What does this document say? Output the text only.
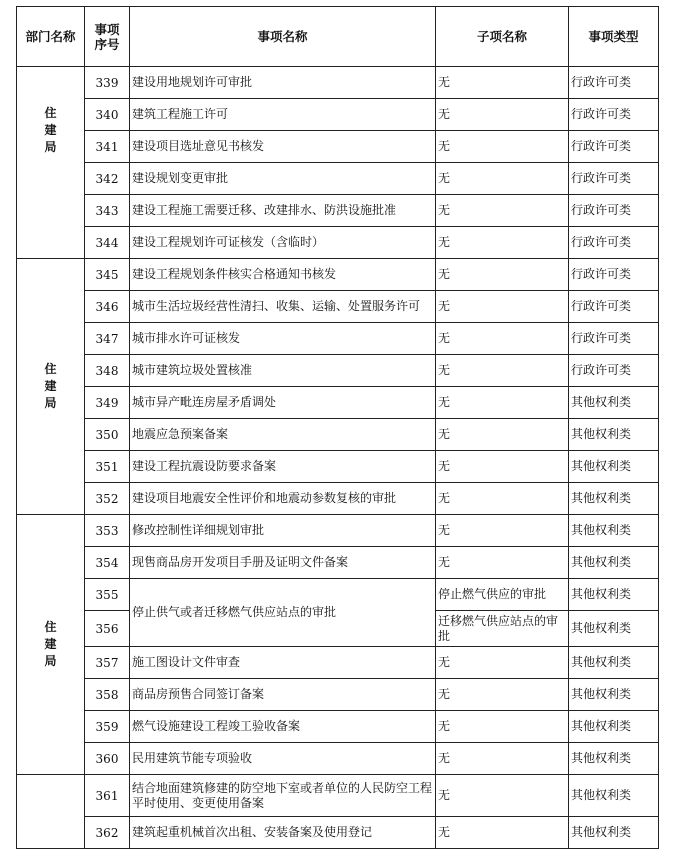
部门名称	事项
序号	事项名称	子项名称	事项类型

住
建
局	339	建设用地规划许可审批	无	行政许可类
	340	建筑工程施工许可	无	行政许可类
	341	建设项目选址意见书核发	无	行政许可类
	342	建设规划变更审批	无	行政许可类
	343	建设工程施工需要迁移、改建排水、防洪设施批准	无	行政许可类
	344	建设工程规划许可证核发（含临时）	无	行政许可类

住
建
局	345	建设工程规划条件核实合格通知书核发	无	行政许可类
	346	城市生活垃圾经营性清扫、收集、运输、处置服务许可	无	行政许可类
	347	城市排水许可证核发	无	行政许可类
	348	城市建筑垃圾处置核准	无	行政许可类
	349	城市异产毗连房屋矛盾调处	无	其他权利类
	350	地震应急预案备案	无	其他权利类
	351	建设工程抗震设防要求备案	无	其他权利类
	352	建设项目地震安全性评价和地震动参数复核的审批	无	其他权利类

住
建
局	353	修改控制性详细规划审批	无	其他权利类
	354	现售商品房开发项目手册及证明文件备案	无	其他权利类
	355	停止供气或者迁移燃气供应站点的审批	停止燃气供应的审批	其他权利类
	356		迁移燃气供应站点的审批	其他权利类
	357	施工图设计文件审查	无	其他权利类
	358	商品房预售合同签订备案	无	其他权利类
	359	燃气设施建设工程竣工验收备案	无	其他权利类
	360	民用建筑节能专项验收	无	其他权利类
	361	结合地面建筑修建的防空地下室或者单位的人民防空工程平时使用、变更使用备案	无	其他权利类
	362	建筑起重机械首次出租、安装备案及使用登记	无	其他权利类
